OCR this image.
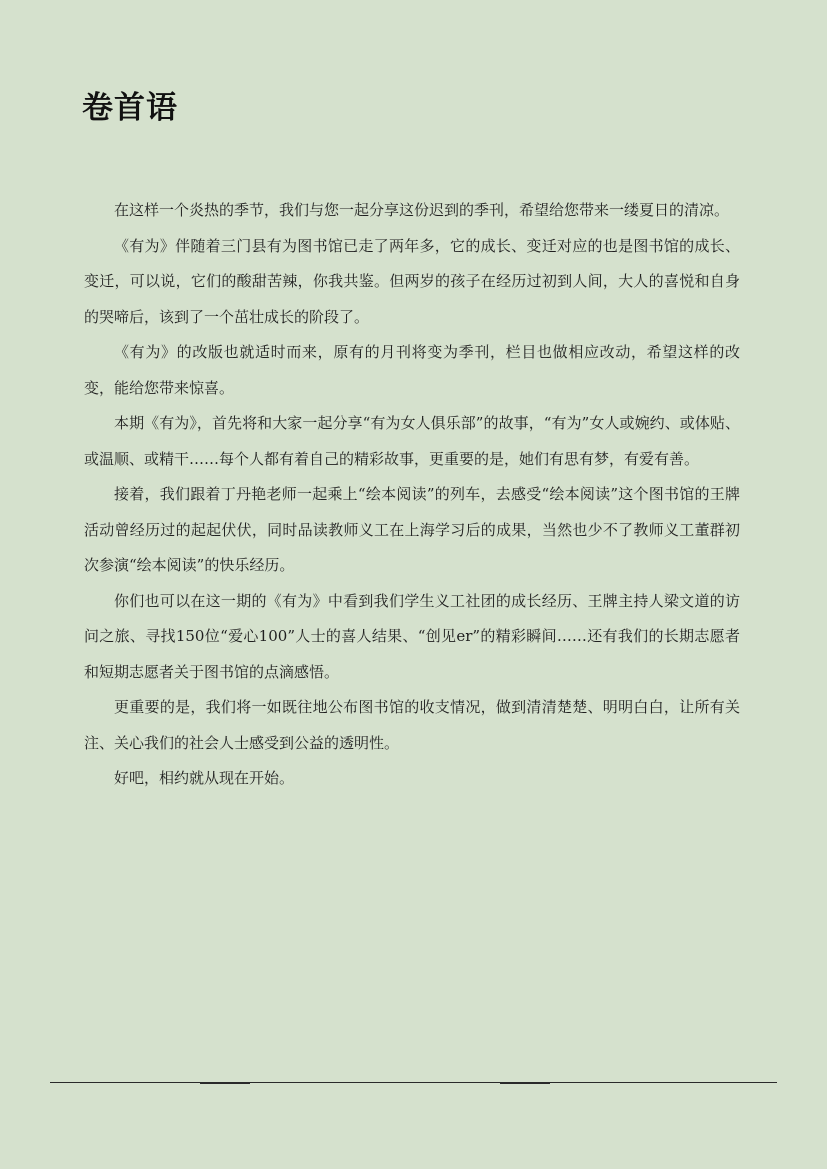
卷首语

在这样一个炎热的季节，我们与您一起分享这份迟到的季刊，希望给您带来一缕夏日的清凉。

《有为》伴随着三门县有为图书馆已走了两年多，它的成长、变迁对应的也是图书馆的成长、变迁，可以说，它们的酸甜苦辣，你我共鉴。但两岁的孩子在经历过初到人间，大人的喜悦和自身的哭啼后，该到了一个茁壮成长的阶段了。

《有为》的改版也就适时而来，原有的月刊将变为季刊，栏目也做相应改动，希望这样的改变，能给您带来惊喜。

本期《有为》，首先将和大家一起分享“有为女人俱乐部”的故事，“有为”女人或婉约、或体贴、或温顺、或精干……每个人都有着自己的精彩故事，更重要的是，她们有思有梦，有爱有善。

接着，我们跟着丁丹艳老师一起乘上“绘本阅读”的列车，去感受“绘本阅读”这个图书馆的王牌活动曾经历过的起起伏伏，同时品读教师义工在上海学习后的成果，当然也少不了教师义工董群初次参演“绘本阅读”的快乐经历。

你们也可以在这一期的《有为》中看到我们学生义工社团的成长经历、王牌主持人梁文道的访问之旅、寻找150位“爱心100”人士的喜人结果、“创见er”的精彩瞬间……还有我们的长期志愿者和短期志愿者关于图书馆的点滴感悟。

更重要的是，我们将一如既往地公布图书馆的收支情况，做到清清楚楚、明明白白，让所有关注、关心我们的社会人士感受到公益的透明性。

好吧，相约就从现在开始。
